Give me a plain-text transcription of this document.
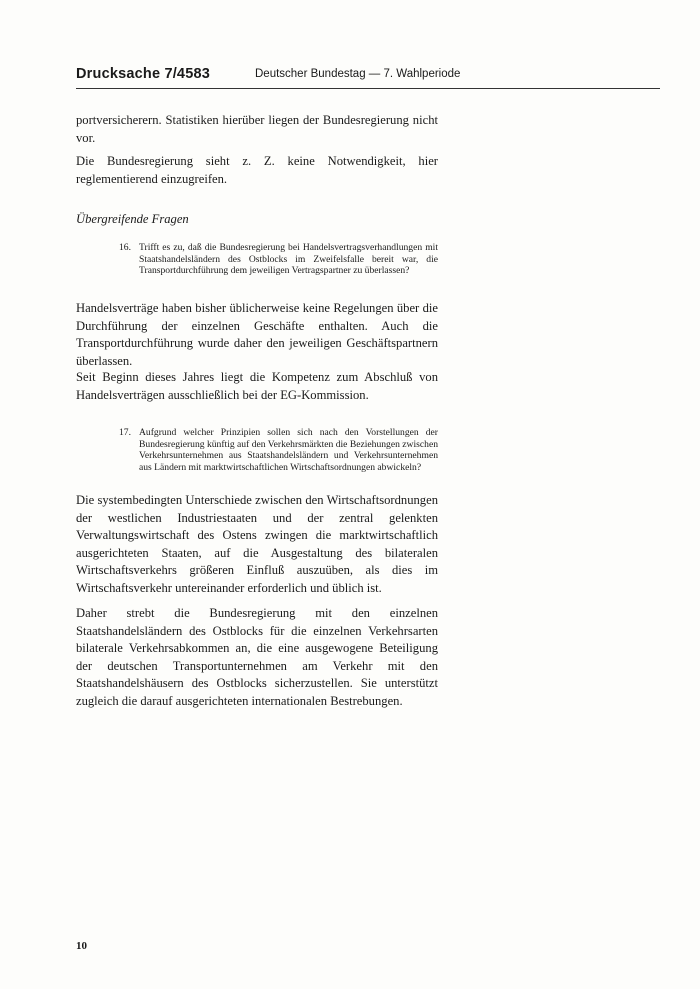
Drucksache 7/4583	Deutscher Bundestag — 7. Wahlperiode

portversicherern. Statistiken hierüber liegen der Bundesregierung nicht vor.

Die Bundesregierung sieht z. Z. keine Notwendigkeit, hier reglementierend einzugreifen.

Übergreifende Fragen
16. Trifft es zu, daß die Bundesregierung bei Handelsvertragsverhandlungen mit Staatshandelsländern des Ostblocks im Zweifelsfalle bereit war, die Transportdurchführung dem jeweiligen Vertragspartner zu überlassen?

Handelsverträge haben bisher üblicherweise keine Regelungen über die Durchführung der einzelnen Geschäfte enthalten. Auch die Transportdurchführung wurde daher den jeweiligen Geschäftspartnern überlassen.

Seit Beginn dieses Jahres liegt die Kompetenz zum Abschluß von Handelsverträgen ausschließlich bei der EG-Kommission.

17. Aufgrund welcher Prinzipien sollen sich nach den Vorstellungen der Bundesregierung künftig auf den Verkehrsmärkten die Beziehungen zwischen Verkehrsunternehmen aus Staatshandelsländern und Verkehrsunternehmen aus Ländern mit marktwirtschaftlichen Wirtschaftsordnungen abwickeln?

Die systembedingten Unterschiede zwischen den Wirtschaftsordnungen der westlichen Industriestaaten und der zentral gelenkten Verwaltungswirtschaft des Ostens zwingen die marktwirtschaftlich ausgerichteten Staaten, auf die Ausgestaltung des bilateralen Wirtschaftsverkehrs größeren Einfluß auszuüben, als dies im Wirtschaftsverkehr untereinander erforderlich und üblich ist.

Daher strebt die Bundesregierung mit den einzelnen Staatshandelsländern des Ostblocks für die einzelnen Verkehrsarten bilaterale Verkehrsabkommen an, die eine ausgewogene Beteiligung der deutschen Transportunternehmen am Verkehr mit den Staatshandelshäusern des Ostblocks sicherzustellen. Sie unterstützt zugleich die darauf ausgerichteten internationalen Bestrebungen.

10
